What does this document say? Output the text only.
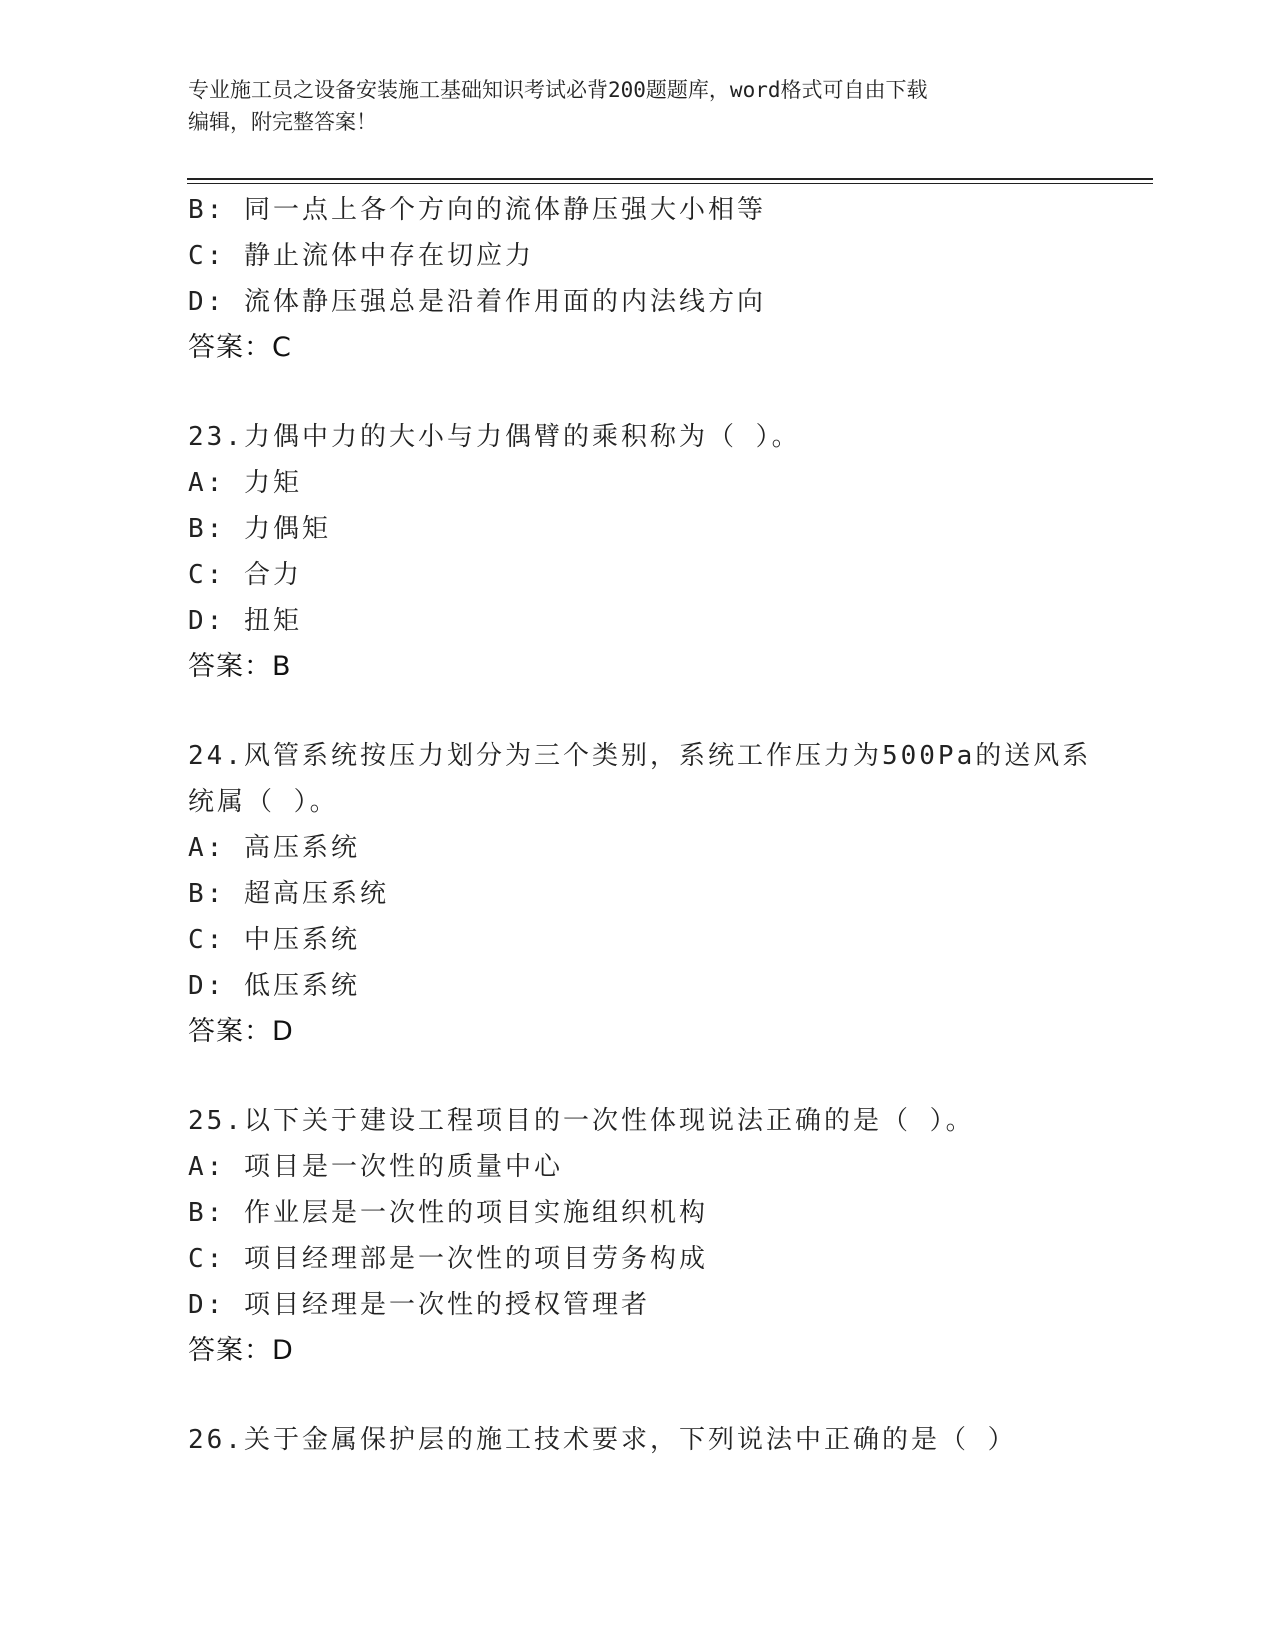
专业施工员之设备安装施工基础知识考试必背200题题库，word格式可自由下载
编辑，附完整答案！
B: 同一点上各个方向的流体静压强大小相等
C: 静止流体中存在切应力
D: 流体静压强总是沿着作用面的内法线方向
答案：C
23.力偶中力的大小与力偶臂的乘积称为（ ）。
A: 力矩
B: 力偶矩
C: 合力
D: 扭矩
答案：B
24.风管系统按压力划分为三个类别，系统工作压力为500Pa的送风系
统属（ ）。
A: 高压系统
B: 超高压系统
C: 中压系统
D: 低压系统
答案：D
25.以下关于建设工程项目的一次性体现说法正确的是（ ）。
A: 项目是一次性的质量中心
B: 作业层是一次性的项目实施组织机构
C: 项目经理部是一次性的项目劳务构成
D: 项目经理是一次性的授权管理者
答案：D
26.关于金属保护层的施工技术要求，下列说法中正确的是（ ）
